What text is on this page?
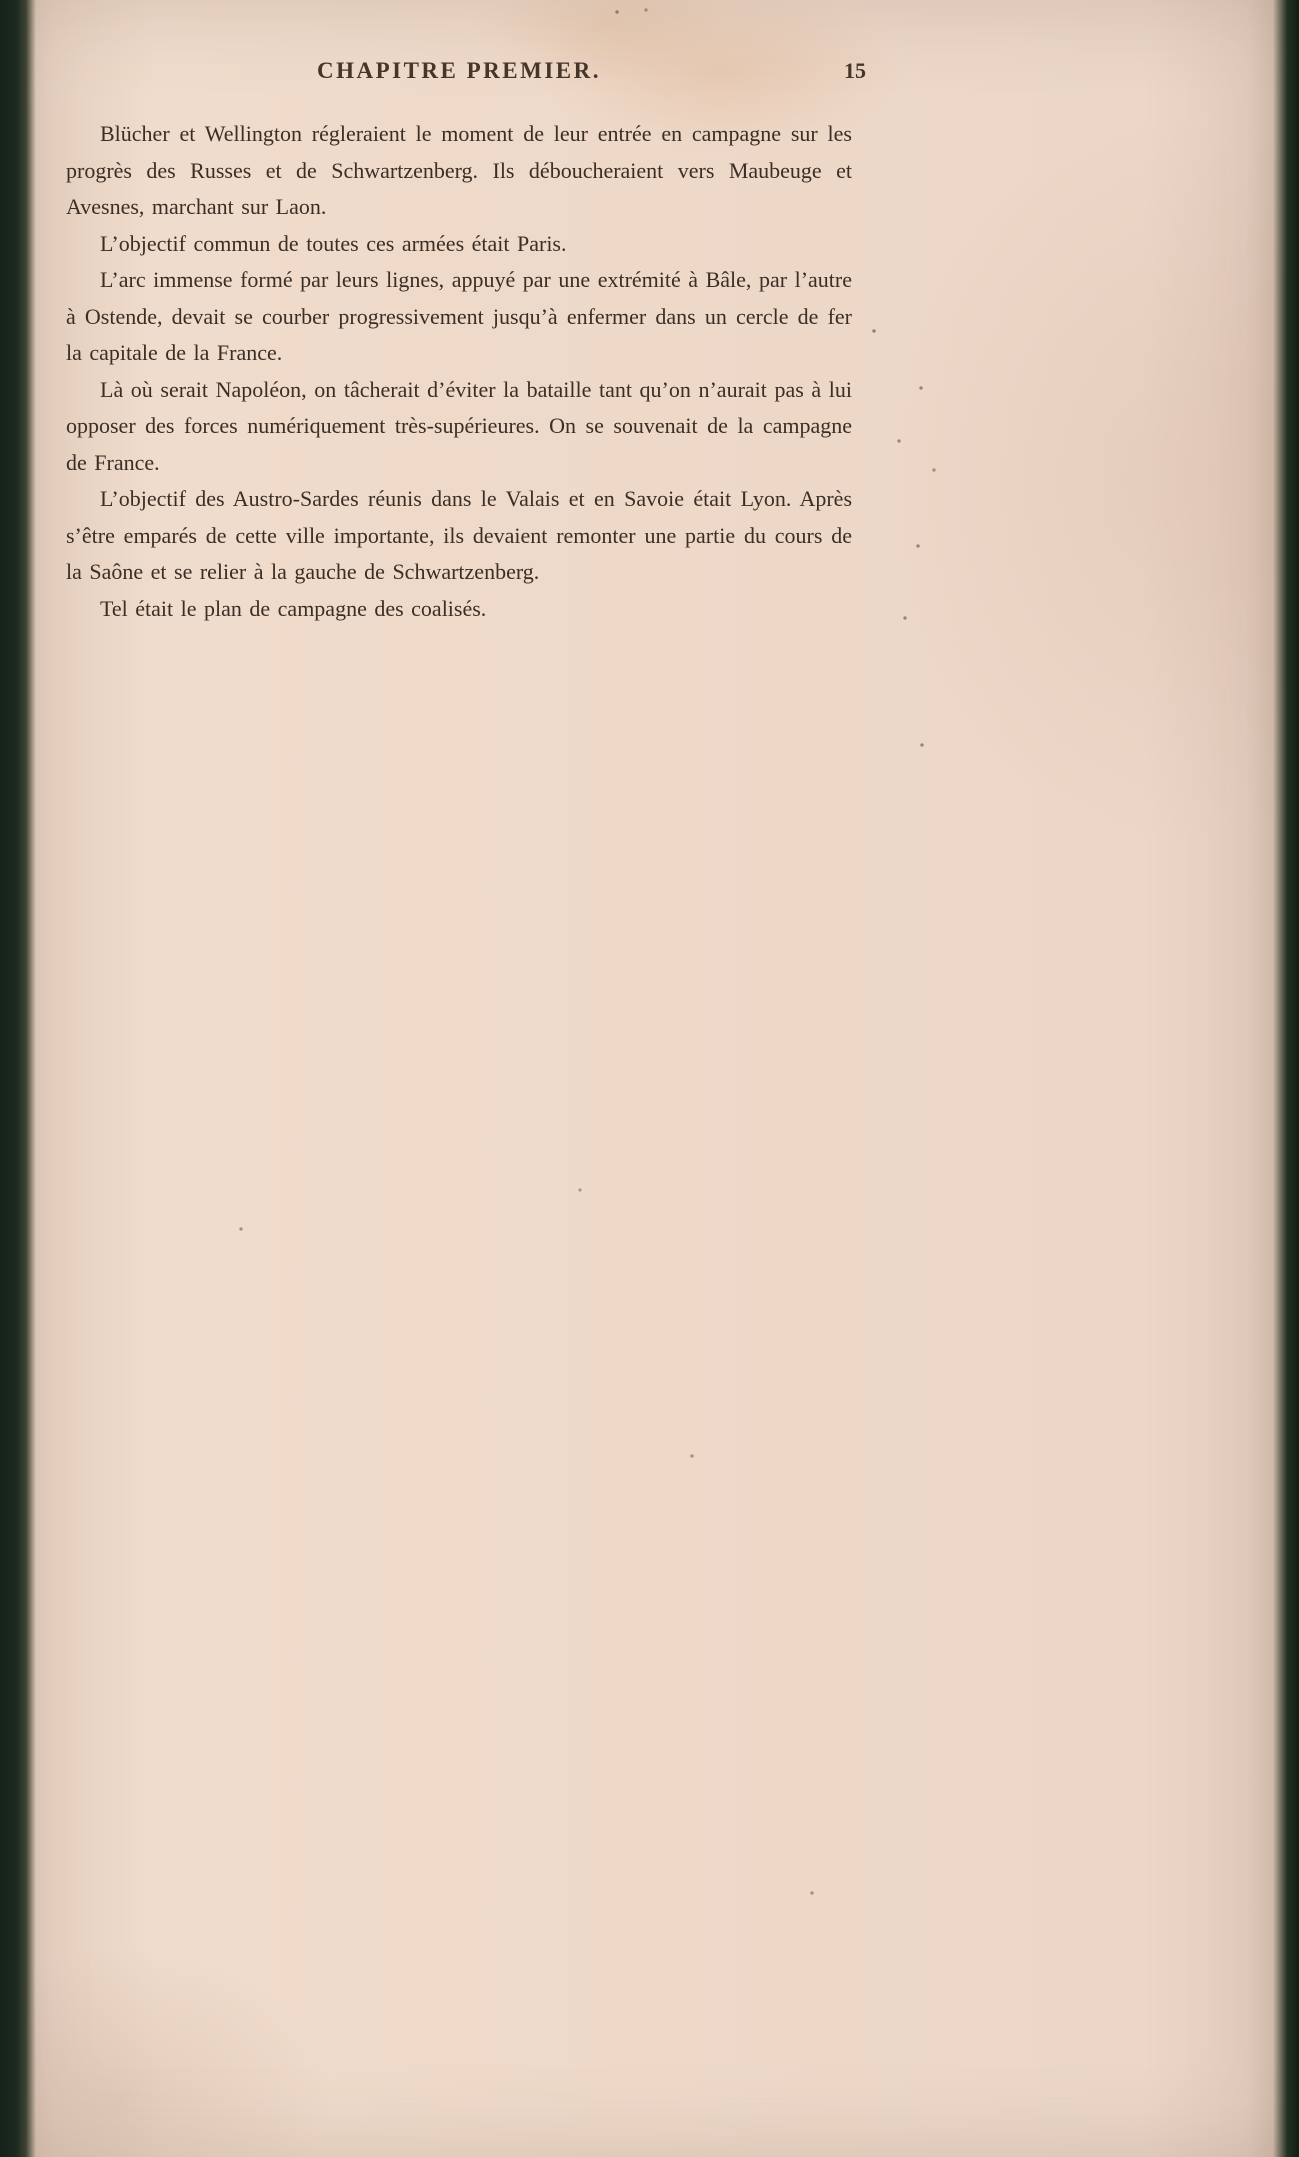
CHAPITRE PREMIER.	15

Blücher et Wellington régleraient le moment de leur entrée en campagne sur les progrès des Russes et de Schwartzenberg. Ils déboucheraient vers Maubeuge et Avesnes, marchant sur Laon.

L’objectif commun de toutes ces armées était Paris.

L’arc immense formé par leurs lignes, appuyé par une extrémité à Bâle, par l’autre à Ostende, devait se courber progressivement jusqu’à enfermer dans un cercle de fer la capitale de la France.

Là où serait Napoléon, on tâcherait d’éviter la bataille tant qu’on n’aurait pas à lui opposer des forces numériquement très-supérieures. On se souvenait de la campagne de France.

L’objectif des Austro-Sardes réunis dans le Valais et en Savoie était Lyon. Après s’être emparés de cette ville importante, ils devaient remonter une partie du cours de la Saône et se relier à la gauche de Schwartzenberg.

Tel était le plan de campagne des coalisés.
